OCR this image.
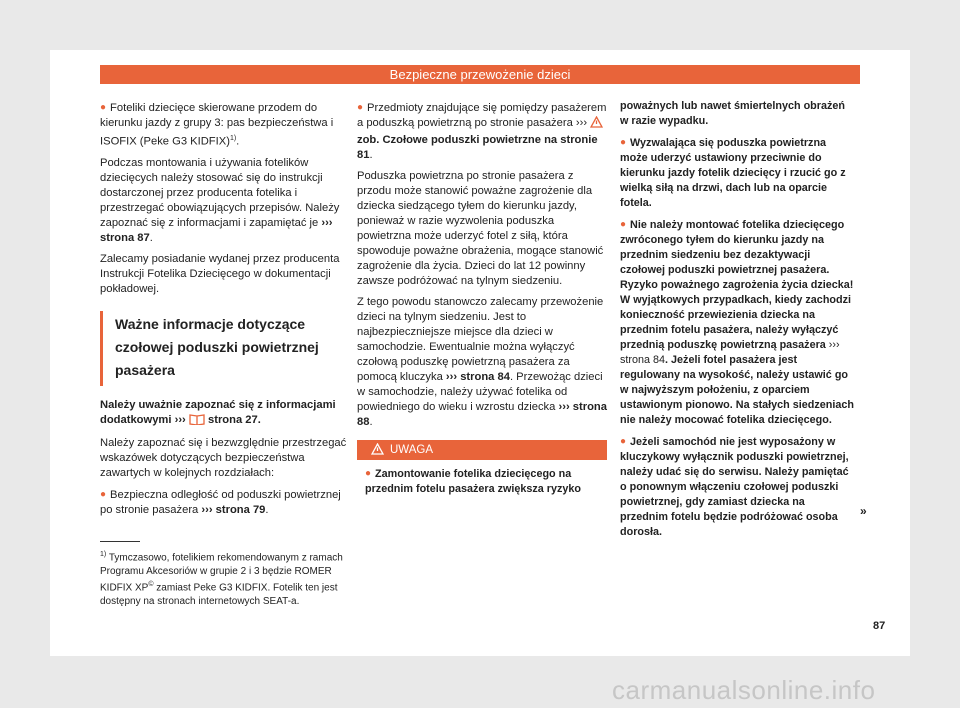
Bezpieczne przewożenie dzieci

● Foteliki dziecięce skierowane przodem do kierunku jazdy z grupy 3: pas bezpieczeństwa i ISOFIX (Peke G3 KIDFIX)$^{1)}$.

Podczas montowania i używania fotelików dziecięcych należy stosować się do instrukcji dostarczonej przez producenta fotelika i przestrzegać obowiązujących przepisów. Należy zapoznać się z informacjami i zapamiętać je ››› strona 87.

Zalecamy posiadanie wydanej przez producenta Instrukcji Fotelika Dziecięcego w dokumentacji pokładowej.

Ważne informacje dotyczące czołowej poduszki powietrznej pasażera

Należy uważnie zapoznać się z informacjami dodatkowymi ››› strona 27.

Należy zapoznać się i bezwzględnie przestrzegać wskazówek dotyczących bezpieczeństwa zawartych w kolejnych rozdziałach:

● Bezpieczna odległość od poduszki powietrznej po stronie pasażera ››› strona 79.

● Przedmioty znajdujące się pomiędzy pasażerem a poduszką powietrzną po stronie pasażera ›››  zob. Czołowe poduszki powietrzne na stronie 81.

Poduszka powietrzna po stronie pasażera z przodu może stanowić poważne zagrożenie dla dziecka siedzącego tyłem do kierunku jazdy, ponieważ w razie wyzwolenia poduszka powietrzna może uderzyć fotel z siłą, która spowoduje poważne obrażenia, mogące stanowić zagrożenie dla życia. Dzieci do lat 12 powinny zawsze podróżować na tylnym siedzeniu.

Z tego powodu stanowczo zalecamy przewożenie dzieci na tylnym siedzeniu. Jest to najbezpieczniejsze miejsce dla dzieci w samochodzie. Ewentualnie można wyłączyć czołową poduszkę powietrzną pasażera za pomocą kluczyka ››› strona 84. Przewożąc dzieci w samochodzie, należy używać fotelika od powiedniego do wieku i wzrostu dziecka ››› strona 88.

UWAGA
● Zamontowanie fotelika dziecięcego na przednim fotelu pasażera zwiększa ryzyko

poważnych lub nawet śmiertelnych obrażeń w razie wypadku.

● Wyzwalająca się poduszka powietrzna może uderzyć ustawiony przeciwnie do kierunku jazdy fotelik dziecięcy i rzucić go z wielką siłą na drzwi, dach lub na oparcie fotela.

● Nie należy montować fotelika dziecięcego zwróconego tyłem do kierunku jazdy na przednim siedzeniu bez dezaktywacji czołowej poduszki powietrznej pasażera. Ryzyko poważnego zagrożenia życia dziecka! W wyjątkowych przypadkach, kiedy zachodzi konieczność przewiezienia dziecka na przednim fotelu pasażera, należy wyłączyć przednią poduszkę powietrzną pasażera ››› strona 84. Jeżeli fotel pasażera jest regulowany na wysokość, należy ustawić go w najwyższym położeniu, z oparciem ustawionym pionowo. Na stałych siedzeniach nie należy mocować fotelika dziecięcego.

● Jeżeli samochód nie jest wyposażony w kluczykowy wyłącznik poduszki powietrznej, należy udać się do serwisu. Należy pamiętać o ponownym włączeniu czołowej poduszki powietrznej, gdy zamiast dziecka na przednim fotelu będzie podróżować osoba dorosła.

»
$^{1)}$ Tymczasowo, fotelikiem rekomendowanym z ramach Programu Akcesoriów w grupie 2 i 3 będzie ROMER KIDFIX XP© zamiast Peke G3 KIDFIX. Fotelik ten jest dostępny na stronach internetowych SEAT-a.
87
carmanualsonline.info
